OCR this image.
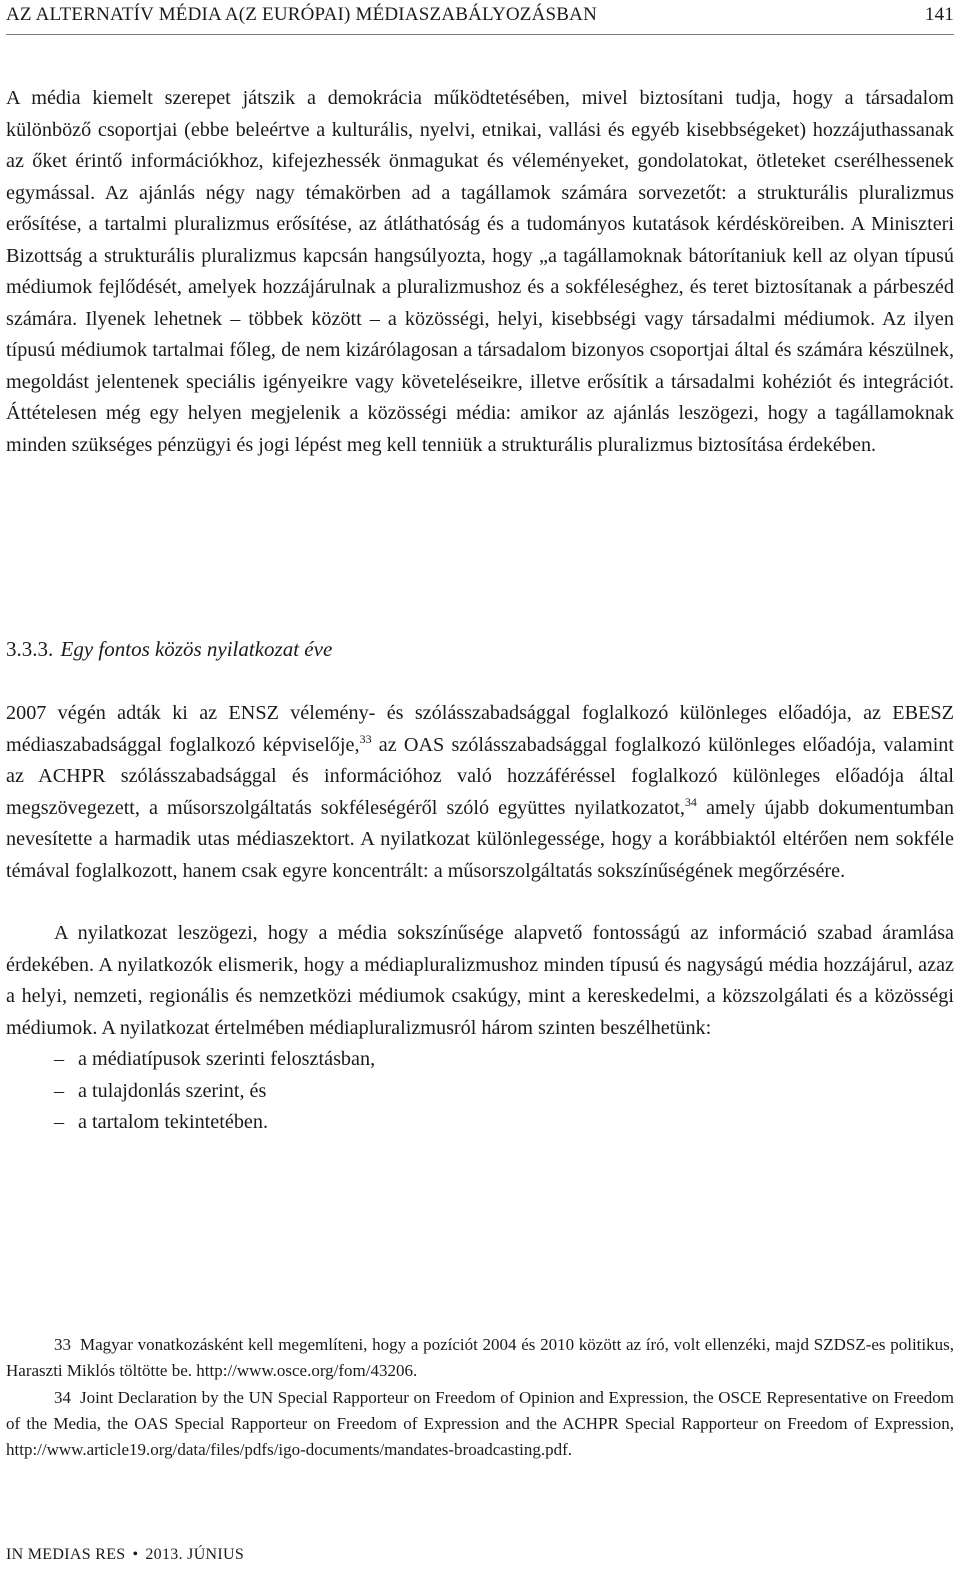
AZ ALTERNATÍV MÉDIA A(Z EURÓPAI) MÉDIASZABÁLYOZÁSBAN	141

A média kiemelt szerepet játszik a demokrácia működtetésében, mivel biztosítani tudja, hogy a társadalom különböző csoportjai (ebbe beleértve a kulturális, nyelvi, etnikai, vallási és egyéb kisebbségeket) hozzájuthassanak az őket érintő információkhoz, kifejezhessék önmagukat és véleményeket, gondolatokat, ötleteket cserélhessenek egymással. Az ajánlás négy nagy témakörben ad a tagállamok számára sorvezetőt: a strukturális pluralizmus erősítése, a tartalmi pluralizmus erősítése, az átláthatóság és a tudományos kutatások kérdésköreiben. A Miniszteri Bizottság a strukturális pluralizmus kapcsán hangsúlyozta, hogy „a tagállamoknak bátorítaniuk kell az olyan típusú médiumok fejlődését, amelyek hozzájárulnak a pluralizmushoz és a sokféleséghez, és teret biztosítanak a párbeszéd számára. Ilyenek lehetnek – többek között – a közösségi, helyi, kisebbségi vagy társadalmi médiumok. Az ilyen típusú médiumok tartalmai főleg, de nem kizárólagosan a társadalom bizonyos csoportjai által és számára készülnek, megoldást jelentenek speciális igényeikre vagy követeléseikre, illetve erősítik a társadalmi kohéziót és integrációt. Áttételesen még egy helyen megjelenik a közösségi média: amikor az ajánlás leszögezi, hogy a tagállamoknak minden szükséges pénzügyi és jogi lépést meg kell tenniük a strukturális pluralizmus biztosítása érdekében.

3.3.3. Egy fontos közös nyilatkozat éve

2007 végén adták ki az ENSZ vélemény- és szólásszabadsággal foglalkozó különleges előadója, az EBESZ médiaszabadsággal foglalkozó képviselője,$^{33}$ az OAS szólásszabadsággal foglalkozó különleges előadója, valamint az ACHPR szólásszabadsággal és információhoz való hozzáféréssel foglalkozó különleges előadója által megszövegezett, a műsorszolgáltatás sokféleségéről szóló együttes nyilatkozatot,$^{34}$ amely újabb dokumentumban nevesítette a harmadik utas médiaszektort. A nyilatkozat különlegessége, hogy a korábbiaktól eltérően nem sokféle témával foglalkozott, hanem csak egyre koncentrált: a műsorszolgáltatás sokszínűségének megőrzésére.

A nyilatkozat leszögezi, hogy a média sokszínűsége alapvető fontosságú az információ szabad áramlása érdekében. A nyilatkozók elismerik, hogy a médiapluralizmushoz minden típusú és nagyságú média hozzájárul, azaz a helyi, nemzeti, regionális és nemzetközi médiumok csakúgy, mint a kereskedelmi, a közszolgálati és a közösségi médiumok. A nyilatkozat értelmében médiapluralizmusról három szinten beszélhetünk:

– a médiatípusok szerinti felosztásban,
– a tulajdonlás szerint, és
– a tartalom tekintetében.

33 Magyar vonatkozásként kell megemlíteni, hogy a pozíciót 2004 és 2010 között az író, volt ellenzéki, majd SZDSZ-es politikus, Haraszti Miklós töltötte be. http://www.osce.org/fom/43206.

34 Joint Declaration by the UN Special Rapporteur on Freedom of Opinion and Expression, the OSCE Representative on Freedom of the Media, the OAS Special Rapporteur on Freedom of Expression and the ACHPR Special Rapporteur on Freedom of Expression, http://www.article19.org/data/files/pdfs/igo-documents/mandates-broadcasting.pdf.

IN MEDIAS RES • 2013. JÚNIUS
